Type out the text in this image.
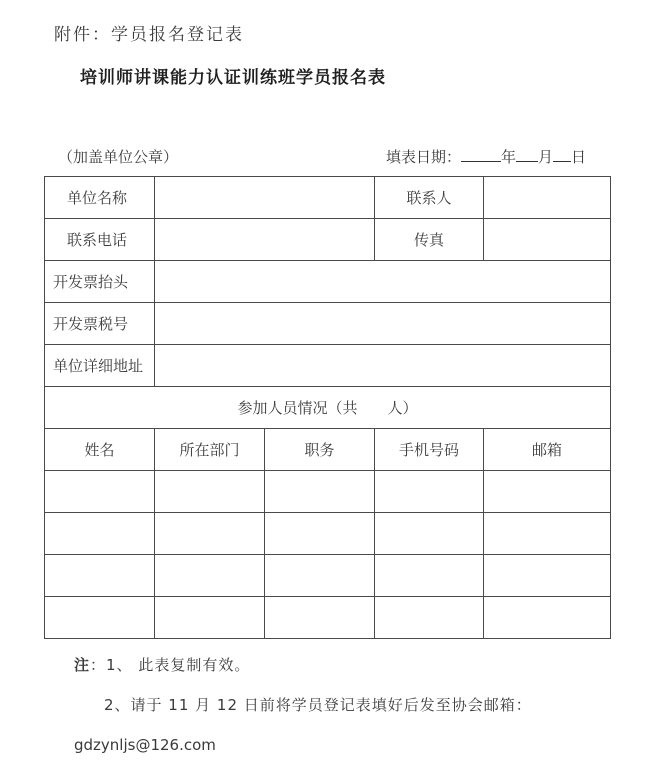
附件：学员报名登记表
培训师讲课能力认证训练班学员报名表
（加盖单位公章）	填表日期：	年 月 日
单位名称			联系人	
联系电话			传真	
开发票抬头				
开发票税号				
单位详细地址				
参加人员情况（共　　人）				
姓名	所在部门	职务	手机号码	邮箱

注：1、 此表复制有效。
2、请于 11 月 12 日前将学员登记表填好后发至协会邮箱：
gdzynljs@126.com
